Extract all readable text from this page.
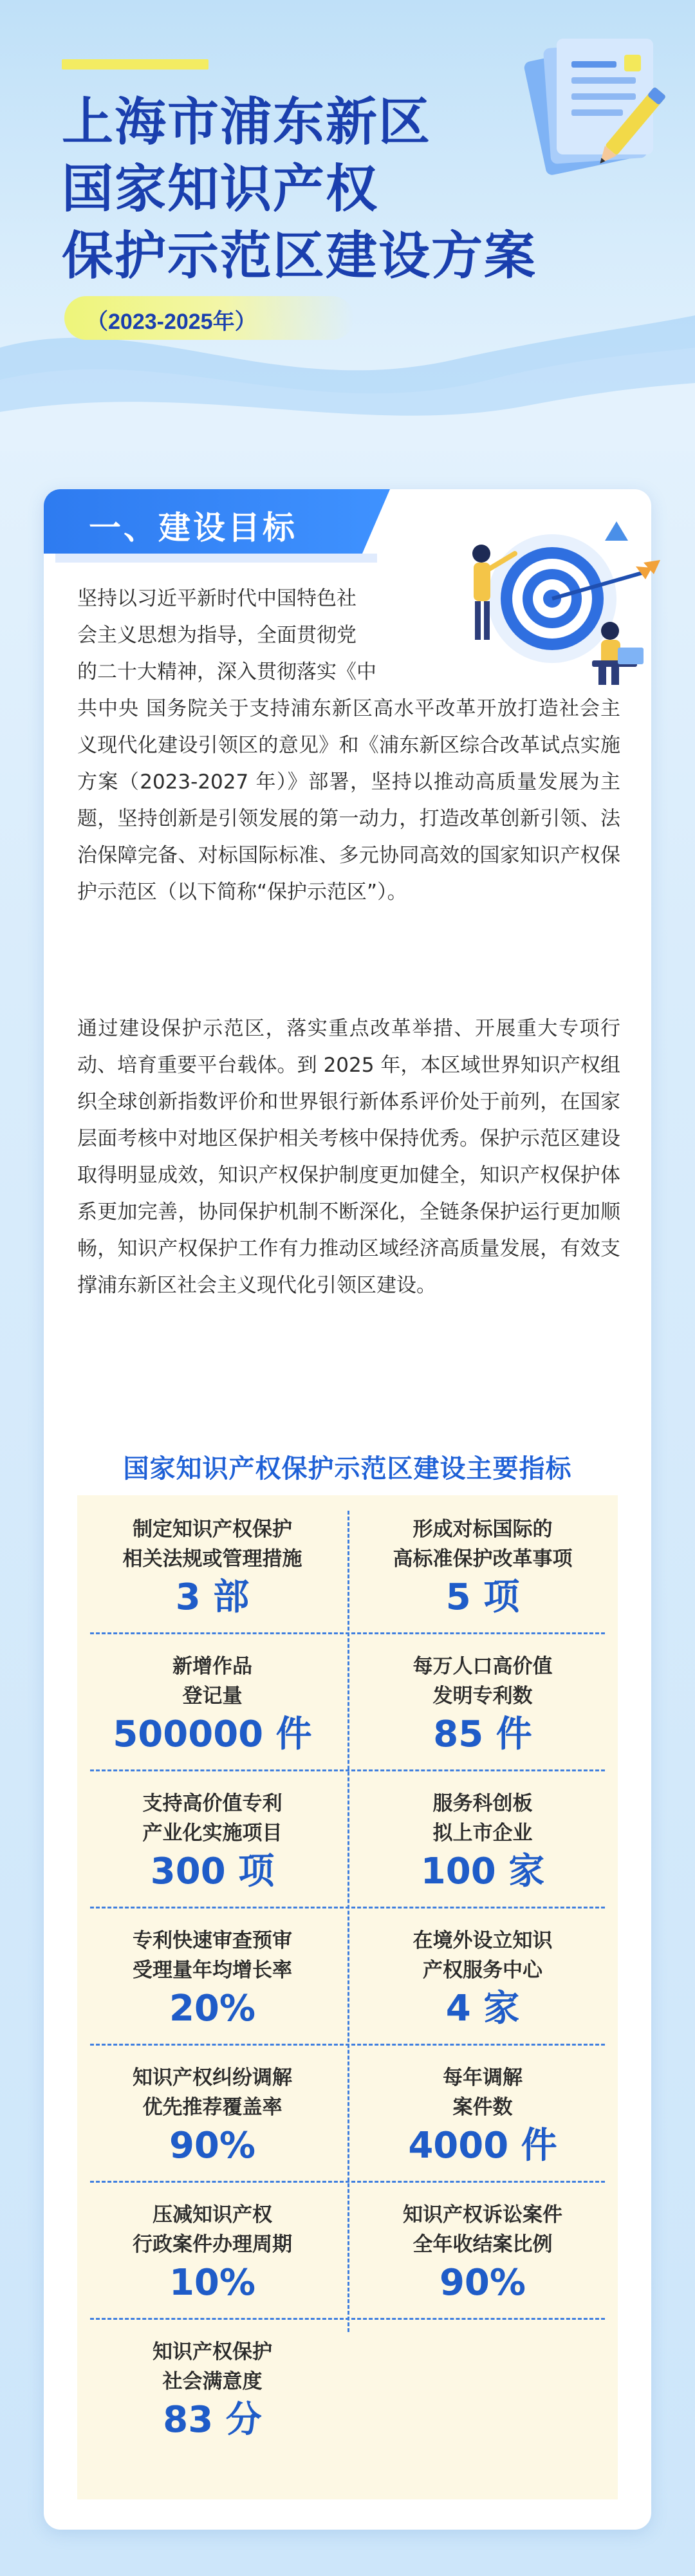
上海市浦东新区
国家知识产权
保护示范区建设方案
（2023-2025年）
一、建设目标
坚持以习近平新时代中国特色社
会主义思想为指导，全面贯彻党
的二十大精神，深入贯彻落实《中
共中央 国务院关于支持浦东新区高水平改革开放打造社会主义现代化建设引领区的意见》和《浦东新区综合改革试点实施方案（2023-2027 年）》部署，坚持以推动高质量发展为主题，坚持创新是引领发展的第一动力，打造改革创新引领、法治保障完备、对标国际标准、多元协同高效的国家知识产权保护示范区（以下简称“保护示范区”）。
通过建设保护示范区，落实重点改革举措、开展重大专项行动、培育重要平台载体。到 2025 年，本区域世界知识产权组织全球创新指数评价和世界银行新体系评价处于前列，在国家层面考核中对地区保护相关考核中保持优秀。保护示范区建设取得明显成效，知识产权保护制度更加健全，知识产权保护体系更加完善，协同保护机制不断深化，全链条保护运行更加顺畅，知识产权保护工作有力推动区域经济高质量发展，有效支撑浦东新区社会主义现代化引领区建设。
国家知识产权保护示范区建设主要指标
制定知识产权保护
相关法规或管理措施
3 部
形成对标国际的
高标准保护改革事项
5 项
新增作品
登记量
500000 件
每万人口高价值
发明专利数
85 件
支持高价值专利
产业化实施项目
300 项
服务科创板
拟上市企业
100 家
专利快速审查预审
受理量年均增长率
20%
在境外设立知识
产权服务中心
4 家
知识产权纠纷调解
优先推荐覆盖率
90%
每年调解
案件数
4000 件
压减知识产权
行政案件办理周期
10%
知识产权诉讼案件
全年收结案比例
90%
知识产权保护
社会满意度
83 分
